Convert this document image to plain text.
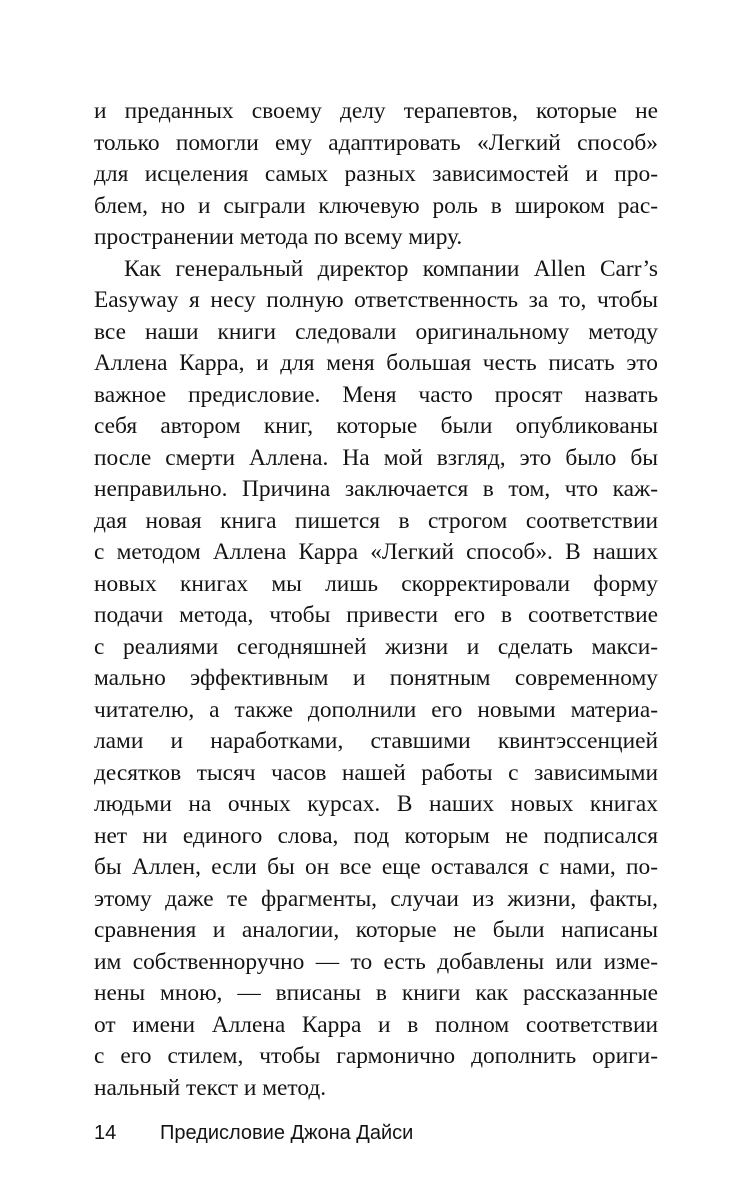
и преданных своему делу терапевтов, которые не
только помогли ему адаптировать «Легкий способ»
для исцеления самых разных зависимостей и про-
блем, но и сыграли ключевую роль в широком рас-
пространении метода по всему миру.
Как генеральный директор компании Allen Carr’s
Easyway я несу полную ответственность за то, чтобы
все наши книги следовали оригинальному методу
Аллена Карра, и для меня большая честь писать это
важное предисловие. Меня часто просят назвать
себя автором книг, которые были опубликованы
после смерти Аллена. На мой взгляд, это было бы
неправильно. Причина заключается в том, что каж-
дая новая книга пишется в строгом соответствии
с методом Аллена Карра «Легкий способ». В наших
новых книгах мы лишь скорректировали форму
подачи метода, чтобы привести его в соответствие
с реалиями сегодняшней жизни и сделать макси-
мально эффективным и понятным современному
читателю, а также дополнили его новыми материа-
лами и наработками, ставшими квинтэссенцией
десятков тысяч часов нашей работы с зависимыми
людьми на очных курсах. В наших новых книгах
нет ни единого слова, под которым не подписался
бы Аллен, если бы он все еще оставался с нами, по-
этому даже те фрагменты, случаи из жизни, факты,
сравнения и аналогии, которые не были написаны
им собственноручно — то есть добавлены или изме-
нены мною, — вписаны в книги как рассказанные
от имени Аллена Карра и в полном соответствии
с его стилем, чтобы гармонично дополнить ориги-
нальный текст и метод.
14 Предисловие Джона Дайси
